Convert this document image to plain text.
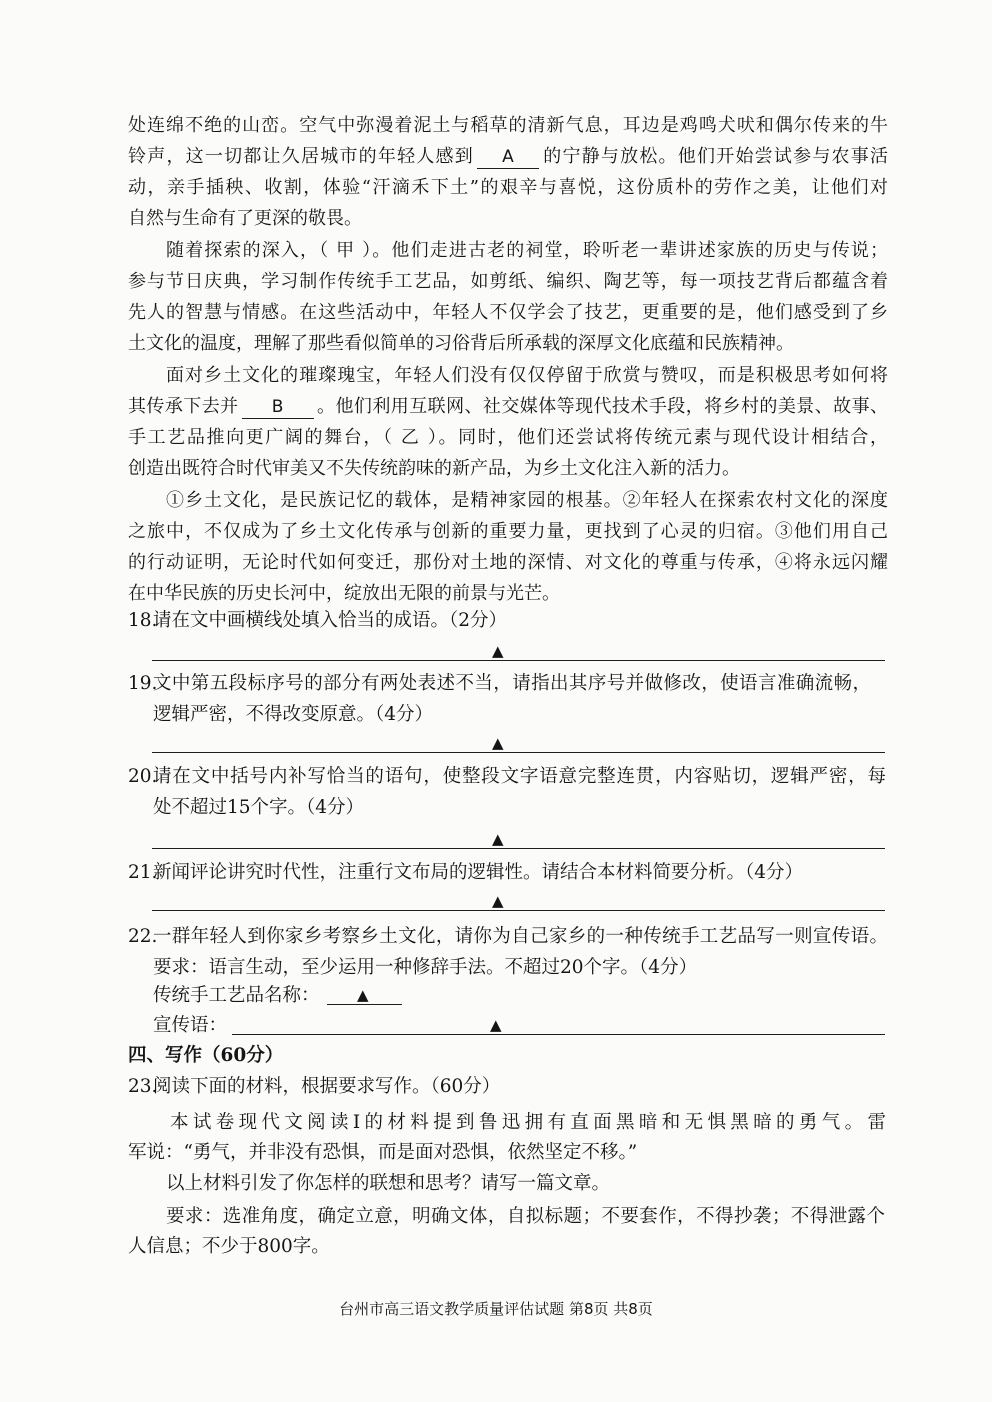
处连绵不绝的山峦。空气中弥漫着泥土与稻草的清新气息，耳边是鸡鸣犬吠和偶尔传来的牛
铃声，这一切都让久居城市的年轻人感到 A 的宁静与放松。他们开始尝试参与农事活
动，亲手插秧、收割，体验“汗滴禾下土”的艰辛与喜悦，这份质朴的劳作之美，让他们对
自然与生命有了更深的敬畏。
随着探索的深入，（ 甲 ）。他们走进古老的祠堂，聆听老一辈讲述家族的历史与传说；
参与节日庆典，学习制作传统手工艺品，如剪纸、编织、陶艺等，每一项技艺背后都蕴含着
先人的智慧与情感。在这些活动中，年轻人不仅学会了技艺，更重要的是，他们感受到了乡
土文化的温度，理解了那些看似简单的习俗背后所承载的深厚文化底蕴和民族精神。
面对乡土文化的璀璨瑰宝，年轻人们没有仅仅停留于欣赏与赞叹，而是积极思考如何将
其传承下去并 B 。他们利用互联网、社交媒体等现代技术手段，将乡村的美景、故事、
手工艺品推向更广阔的舞台，（ 乙 ）。同时，他们还尝试将传统元素与现代设计相结合，
创造出既符合时代审美又不失传统韵味的新产品，为乡土文化注入新的活力。
①乡土文化，是民族记忆的载体，是精神家园的根基。②年轻人在探索农村文化的深度
之旅中，不仅成为了乡土文化传承与创新的重要力量，更找到了心灵的归宿。③他们用自己
的行动证明，无论时代如何变迁，那份对土地的深情、对文化的尊重与传承，④将永远闪耀
在中华民族的历史长河中，绽放出无限的前景与光芒。
18.
请在文中画横线处填入恰当的成语。（2分）
▲
19.
文中第五段标序号的部分有两处表述不当，请指出其序号并做修改，使语言准确流畅，
逻辑严密，不得改变原意。（4分）
▲
20.
请在文中括号内补写恰当的语句，使整段文字语意完整连贯，内容贴切，逻辑严密，每
处不超过15个字。（4分）
▲
21.
新闻评论讲究时代性，注重行文布局的逻辑性。请结合本材料简要分析。（4分）
▲
22.
一群年轻人到你家乡考察乡土文化，请你为自己家乡的一种传统手工艺品写一则宣传语。
要求：语言生动，至少运用一种修辞手法。不超过20个字。（4分）
传统手工艺品名称： ▲
宣传语：	▲
四、写作（60分）
23.
阅读下面的材料，根据要求写作。（60分）
本试卷现代文阅读Ⅰ的材料提到鲁迅拥有直面黑暗和无惧黑暗的勇气。雷
军说：“勇气，并非没有恐惧，而是面对恐惧，依然坚定不移。”
以上材料引发了你怎样的联想和思考？请写一篇文章。
要求：选准角度，确定立意，明确文体，自拟标题；不要套作，不得抄袭；不得泄露个
人信息；不少于800字。
台州市高三语文教学质量评估试题 第8页 共8页
